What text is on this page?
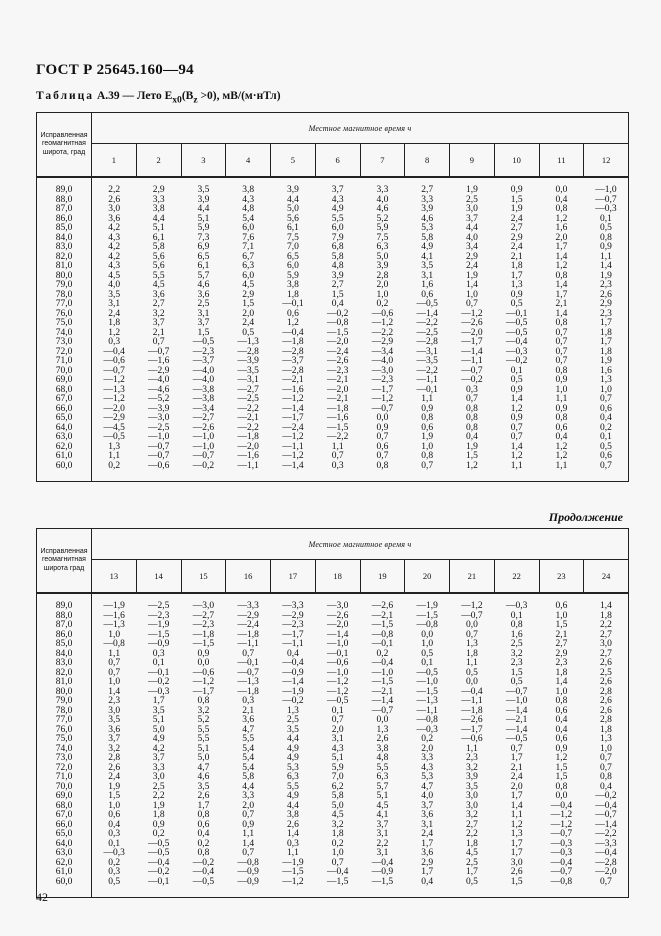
ГОСТ Р 25645.160—94
Таблица А.39 — Лето $E_{x0}(B_z >0)$, мВ/(м·нТл)
Исправленная геомагнитная широта, град	Местное магнитное время ч											
	1	2	3	4	5	6	7	8	9	10	11	12
89,0	2,2	2,9	3,5	3,8	3,9	3,7	3,3	2,7	1,9	0,9	0,0	—1,0
88,0	2,6	3,3	3,9	4,3	4,4	4,3	4,0	3,3	2,5	1,5	0,4	—0,7
87,0	3,0	3,8	4,4	4,8	5,0	4,9	4,6	3,9	3,0	1,9	0,8	—0,3
86,0	3,6	4,4	5,1	5,4	5,6	5,5	5,2	4,6	3,7	2,4	1,2	0,1
85,0	4,2	5,1	5,9	6,0	6,1	6,0	5,9	5,3	4,4	2,7	1,6	0,5
84,0	4,3	6,1	7,3	7,6	7,5	7,9	7,5	5,8	4,0	2,9	2,0	0,8
83,0	4,2	5,8	6,9	7,1	7,0	6,8	6,3	4,9	3,4	2,4	1,7	0,9
82,0	4,2	5,6	6,5	6,7	6,5	5,8	5,0	4,1	2,9	2,1	1,4	1,1
81,0	4,3	5,6	6,1	6,3	6,0	4,8	3,9	3,5	2,4	1,8	1,2	1,4
80,0	4,5	5,5	5,7	6,0	5,9	3,9	2,8	3,1	1,9	1,7	0,8	1,9
79,0	4,0	4,5	4,6	4,5	3,8	2,7	2,0	1,6	1,4	1,3	1,4	2,3
78,0	3,5	3,6	3,6	2,9	1,8	1,5	1,0	0,6	1,0	0,9	1,7	2,6
77,0	3,1	2,7	2,5	1,5	—0,1	0,4	0,2	—0,5	0,7	0,5	2,1	2,9
76,0	2,4	3,2	3,1	2,0	0,6	—0,2	—0,6	—1,4	—1,2	—0,1	1,4	2,3
75,0	1,8	3,7	3,7	2,4	1,2	—0,8	—1,2	—2,2	—2,6	—0,5	0,8	1,7
74,0	1,2	2,1	1,5	0,5	—0,4	—1,5	—2,2	—2,5	—2,0	—0,5	0,7	1,8
73,0	0,3	0,7	—0,5	—1,3	—1,8	—2,0	—2,9	—2,8	—1,7	—0,4	0,7	1,7
72,0	—0,4	—0,7	—2,3	—2,8	—2,8	—2,4	—3,4	—3,1	—1,4	—0,3	0,7	1,8
71,0	—0,6	—1,6	—3,7	—3,9	—3,7	—2,6	—4,0	—3,5	—1,1	—0,2	0,7	1,9
70,0	—0,7	—2,9	—4,0	—3,5	—2,8	—2,3	—3,0	—2,2	—0,7	0,1	0,8	1,6
69,0	—1,2	—4,0	—4,0	—3,1	—2,1	—2,1	—2,3	—1,1	—0,2	0,5	0,9	1,3
68,0	—1,3	—4,6	—3,8	—2,7	—1,6	—2,0	—1,7	—0,1	0,3	0,9	1,0	1,0
67,0	—1,2	—5,2	—3,8	—2,5	—1,2	—2,1	—1,2	1,1	0,7	1,4	1,1	0,7
66,0	—2,0	—3,9	—3,4	—2,2	—1,4	—1,8	—0,7	0,9	0,8	1,2	0,9	0,6
65,0	—2,9	—3,0	—2,7	—2,1	—1,7	—1,6	0,0	0,8	0,8	0,9	0,8	0,4
64,0	—4,5	—2,5	—2,6	—2,2	—2,4	—1,5	0,9	0,6	0,8	0,7	0,6	0,2
63,0	—0,5	—1,0	—1,0	—1,8	—1,2	—2,2	0,7	1,9	0,4	0,7	0,4	0,1
62,0	1,3	—0,7	—1,0	—2,0	—1,1	1,1	0,6	1,0	1,9	1,4	1,2	0,5
61,0	1,1	—0,7	—0,7	—1,6	—1,2	0,7	0,7	0,8	1,5	1,2	1,2	0,6
60,0	0,2	—0,6	—0,2	—1,1	—1,4	0,3	0,8	0,7	1,2	1,1	1,1	0,7
Продолжение
Исправленная геомагнитная широта град	Местное магнитное время ч											
	13	14	15	16	17	18	19	20	21	22	23	24
89,0	—1,9	—2,5	—3,0	—3,3	—3,3	—3,0	—2,6	—1,9	—1,2	—0,3	0,6	1,4
88,0	—1,6	—2,3	—2,7	—2,9	—2,9	—2,6	—2,1	—1,5	—0,7	0,1	1,0	1,8
87,0	—1,3	—1,9	—2,3	—2,4	—2,3	—2,0	—1,5	—0,8	0,0	0,8	1,5	2,2
86,0	1,0	—1,5	—1,8	—1,8	—1,7	—1,4	—0,8	0,0	0,7	1,6	2,1	2,7
85,0	—0,8	—0,9	—1,5	—1,1	—1,1	—1,0	—0,1	1,0	1,3	2,5	2,7	3,0
84,0	1,1	0,3	0,9	0,7	0,4	—0,1	0,2	0,5	1,8	3,2	2,9	2,7
83,0	0,7	0,1	0,0	—0,1	—0,4	—0,6	—0,4	0,1	1,1	2,3	2,3	2,6
82,0	0,7	—0,1	—0,6	—0,7	—0,9	—1,0	—1,0	—0,5	0,5	1,5	1,8	2,5
81,0	1,0	—0,2	—1,2	—1,3	—1,4	—1,2	—1,5	—1,0	0,0	0,5	1,4	2,6
80,0	1,4	—0,3	—1,7	—1,8	—1,9	—1,2	—2,1	—1,5	—0,4	—0,7	1,0	2,8
79,0	2,3	1,7	0,8	0,3	—0,2	—0,5	—1,4	—1,3	—1,1	—1,0	0,8	2,6
78,0	3,0	3,5	3,2	2,1	1,3	0,1	—0,7	—1,1	—1,8	—1,4	0,6	2,6
77,0	3,5	5,1	5,2	3,6	2,5	0,7	0,0	—0,8	—2,6	—2,1	0,4	2,8
76,0	3,6	5,0	5,5	4,7	3,5	2,0	1,3	—0,3	—1,7	—1,4	0,4	1,8
75,0	3,7	4,9	5,5	5,5	4,4	3,1	2,6	0,2	—0,6	—0,5	0,6	1,3
74,0	3,2	4,2	5,1	5,4	4,9	4,3	3,8	2,0	1,1	0,7	0,9	1,0
73,0	2,8	3,7	5,0	5,4	4,9	5,1	4,8	3,3	2,3	1,7	1,2	0,7
72,0	2,6	3,3	4,7	5,4	5,3	5,9	5,5	4,3	3,2	2,1	1,5	0,7
71,0	2,4	3,0	4,6	5,8	6,3	7,0	6,3	5,3	3,9	2,4	1,5	0,8
70,0	1,9	2,5	3,5	4,4	5,5	6,2	5,7	4,7	3,5	2,0	0,8	0,4
69,0	1,5	2,2	2,6	3,3	4,9	5,8	5,1	4,0	3,0	1,7	0,0	—0,2
68,0	1,0	1,9	1,7	2,0	4,4	5,0	4,5	3,7	3,0	1,4	—0,4	—0,4
67,0	0,6	1,8	0,8	0,7	3,8	4,5	4,1	3,6	3,2	1,1	—1,2	—0,7
66,0	0,4	0,9	0,6	0,9	2,6	3,2	3,7	3,1	2,7	1,2	—1,2	—1,4
65,0	0,3	0,2	0,4	1,1	1,4	1,8	3,1	2,4	2,2	1,3	—0,7	—2,2
64,0	0,1	—0,5	0,2	1,4	0,3	0,2	2,2	1,7	1,8	1,7	—0,3	—3,3
63,0	—0,3	—0,5	0,8	0,7	1,1	1,0	3,1	3,6	4,5	1,7	—0,3	—0,4
62,0	0,2	—0,4	—0,2	—0,8	—1,9	0,7	—0,4	2,9	2,5	3,0	—0,4	—2,8
61,0	0,3	—0,2	—0,4	—0,9	—1,5	—0,4	—0,9	1,7	1,7	2,6	—0,7	—2,0
60,0	0,5	—0,1	—0,5	—0,9	—1,2	—1,5	—1,5	0,4	0,5	1,5	—0,8	0,7
42
